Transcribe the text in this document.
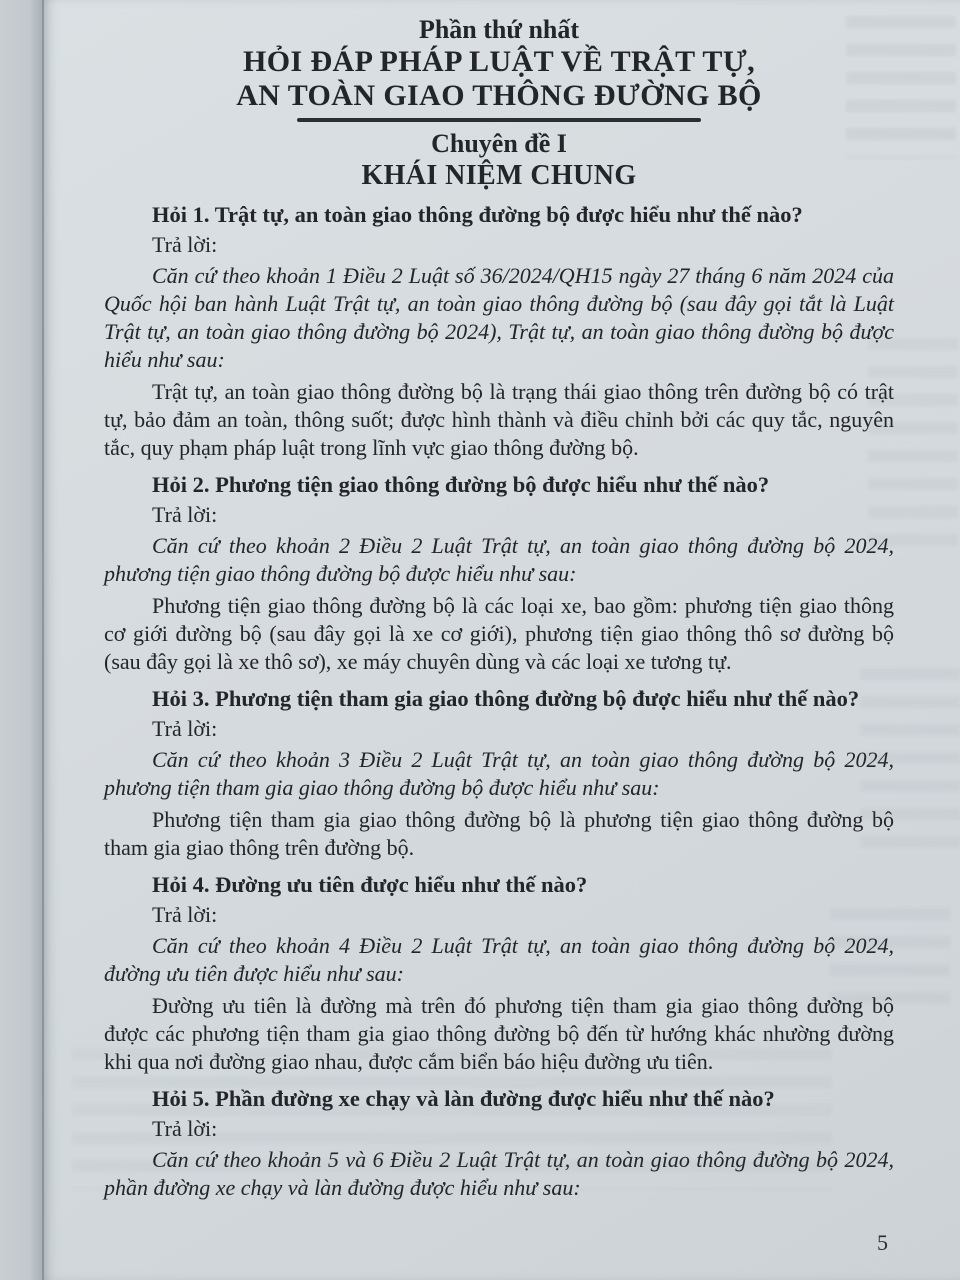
Phần thứ nhất
HỎI ĐÁP PHÁP LUẬT VỀ TRẬT TỰ,
AN TOÀN GIAO THÔNG ĐƯỜNG BỘ
Chuyên đề I
KHÁI NIỆM CHUNG

Hỏi 1. Trật tự, an toàn giao thông đường bộ được hiểu như thế nào?

Trả lời:

Căn cứ theo khoản 1 Điều 2 Luật số 36/2024/QH15 ngày 27 tháng 6 năm 2024 của Quốc hội ban hành Luật Trật tự, an toàn giao thông đường bộ (sau đây gọi tắt là Luật Trật tự, an toàn giao thông đường bộ 2024), Trật tự, an toàn giao thông đường bộ được hiểu như sau:

Trật tự, an toàn giao thông đường bộ là trạng thái giao thông trên đường bộ có trật tự, bảo đảm an toàn, thông suốt; được hình thành và điều chỉnh bởi các quy tắc, nguyên tắc, quy phạm pháp luật trong lĩnh vực giao thông đường bộ.

Hỏi 2. Phương tiện giao thông đường bộ được hiểu như thế nào?

Trả lời:

Căn cứ theo khoản 2 Điều 2 Luật Trật tự, an toàn giao thông đường bộ 2024, phương tiện giao thông đường bộ được hiểu như sau:

Phương tiện giao thông đường bộ là các loại xe, bao gồm: phương tiện giao thông cơ giới đường bộ (sau đây gọi là xe cơ giới), phương tiện giao thông thô sơ đường bộ (sau đây gọi là xe thô sơ), xe máy chuyên dùng và các loại xe tương tự.

Hỏi 3. Phương tiện tham gia giao thông đường bộ được hiểu như thế nào?

Trả lời:

Căn cứ theo khoản 3 Điều 2 Luật Trật tự, an toàn giao thông đường bộ 2024, phương tiện tham gia giao thông đường bộ được hiểu như sau:

Phương tiện tham gia giao thông đường bộ là phương tiện giao thông đường bộ tham gia giao thông trên đường bộ.

Hỏi 4. Đường ưu tiên được hiểu như thế nào?

Trả lời:

Căn cứ theo khoản 4 Điều 2 Luật Trật tự, an toàn giao thông đường bộ 2024, đường ưu tiên được hiểu như sau:

Đường ưu tiên là đường mà trên đó phương tiện tham gia giao thông đường bộ được các phương tiện tham gia giao thông đường bộ đến từ hướng khác nhường đường khi qua nơi đường giao nhau, được cắm biển báo hiệu đường ưu tiên.

Hỏi 5. Phần đường xe chạy và làn đường được hiểu như thế nào?

Trả lời:

Căn cứ theo khoản 5 và 6 Điều 2 Luật Trật tự, an toàn giao thông đường bộ 2024, phần đường xe chạy và làn đường được hiểu như sau:

5
